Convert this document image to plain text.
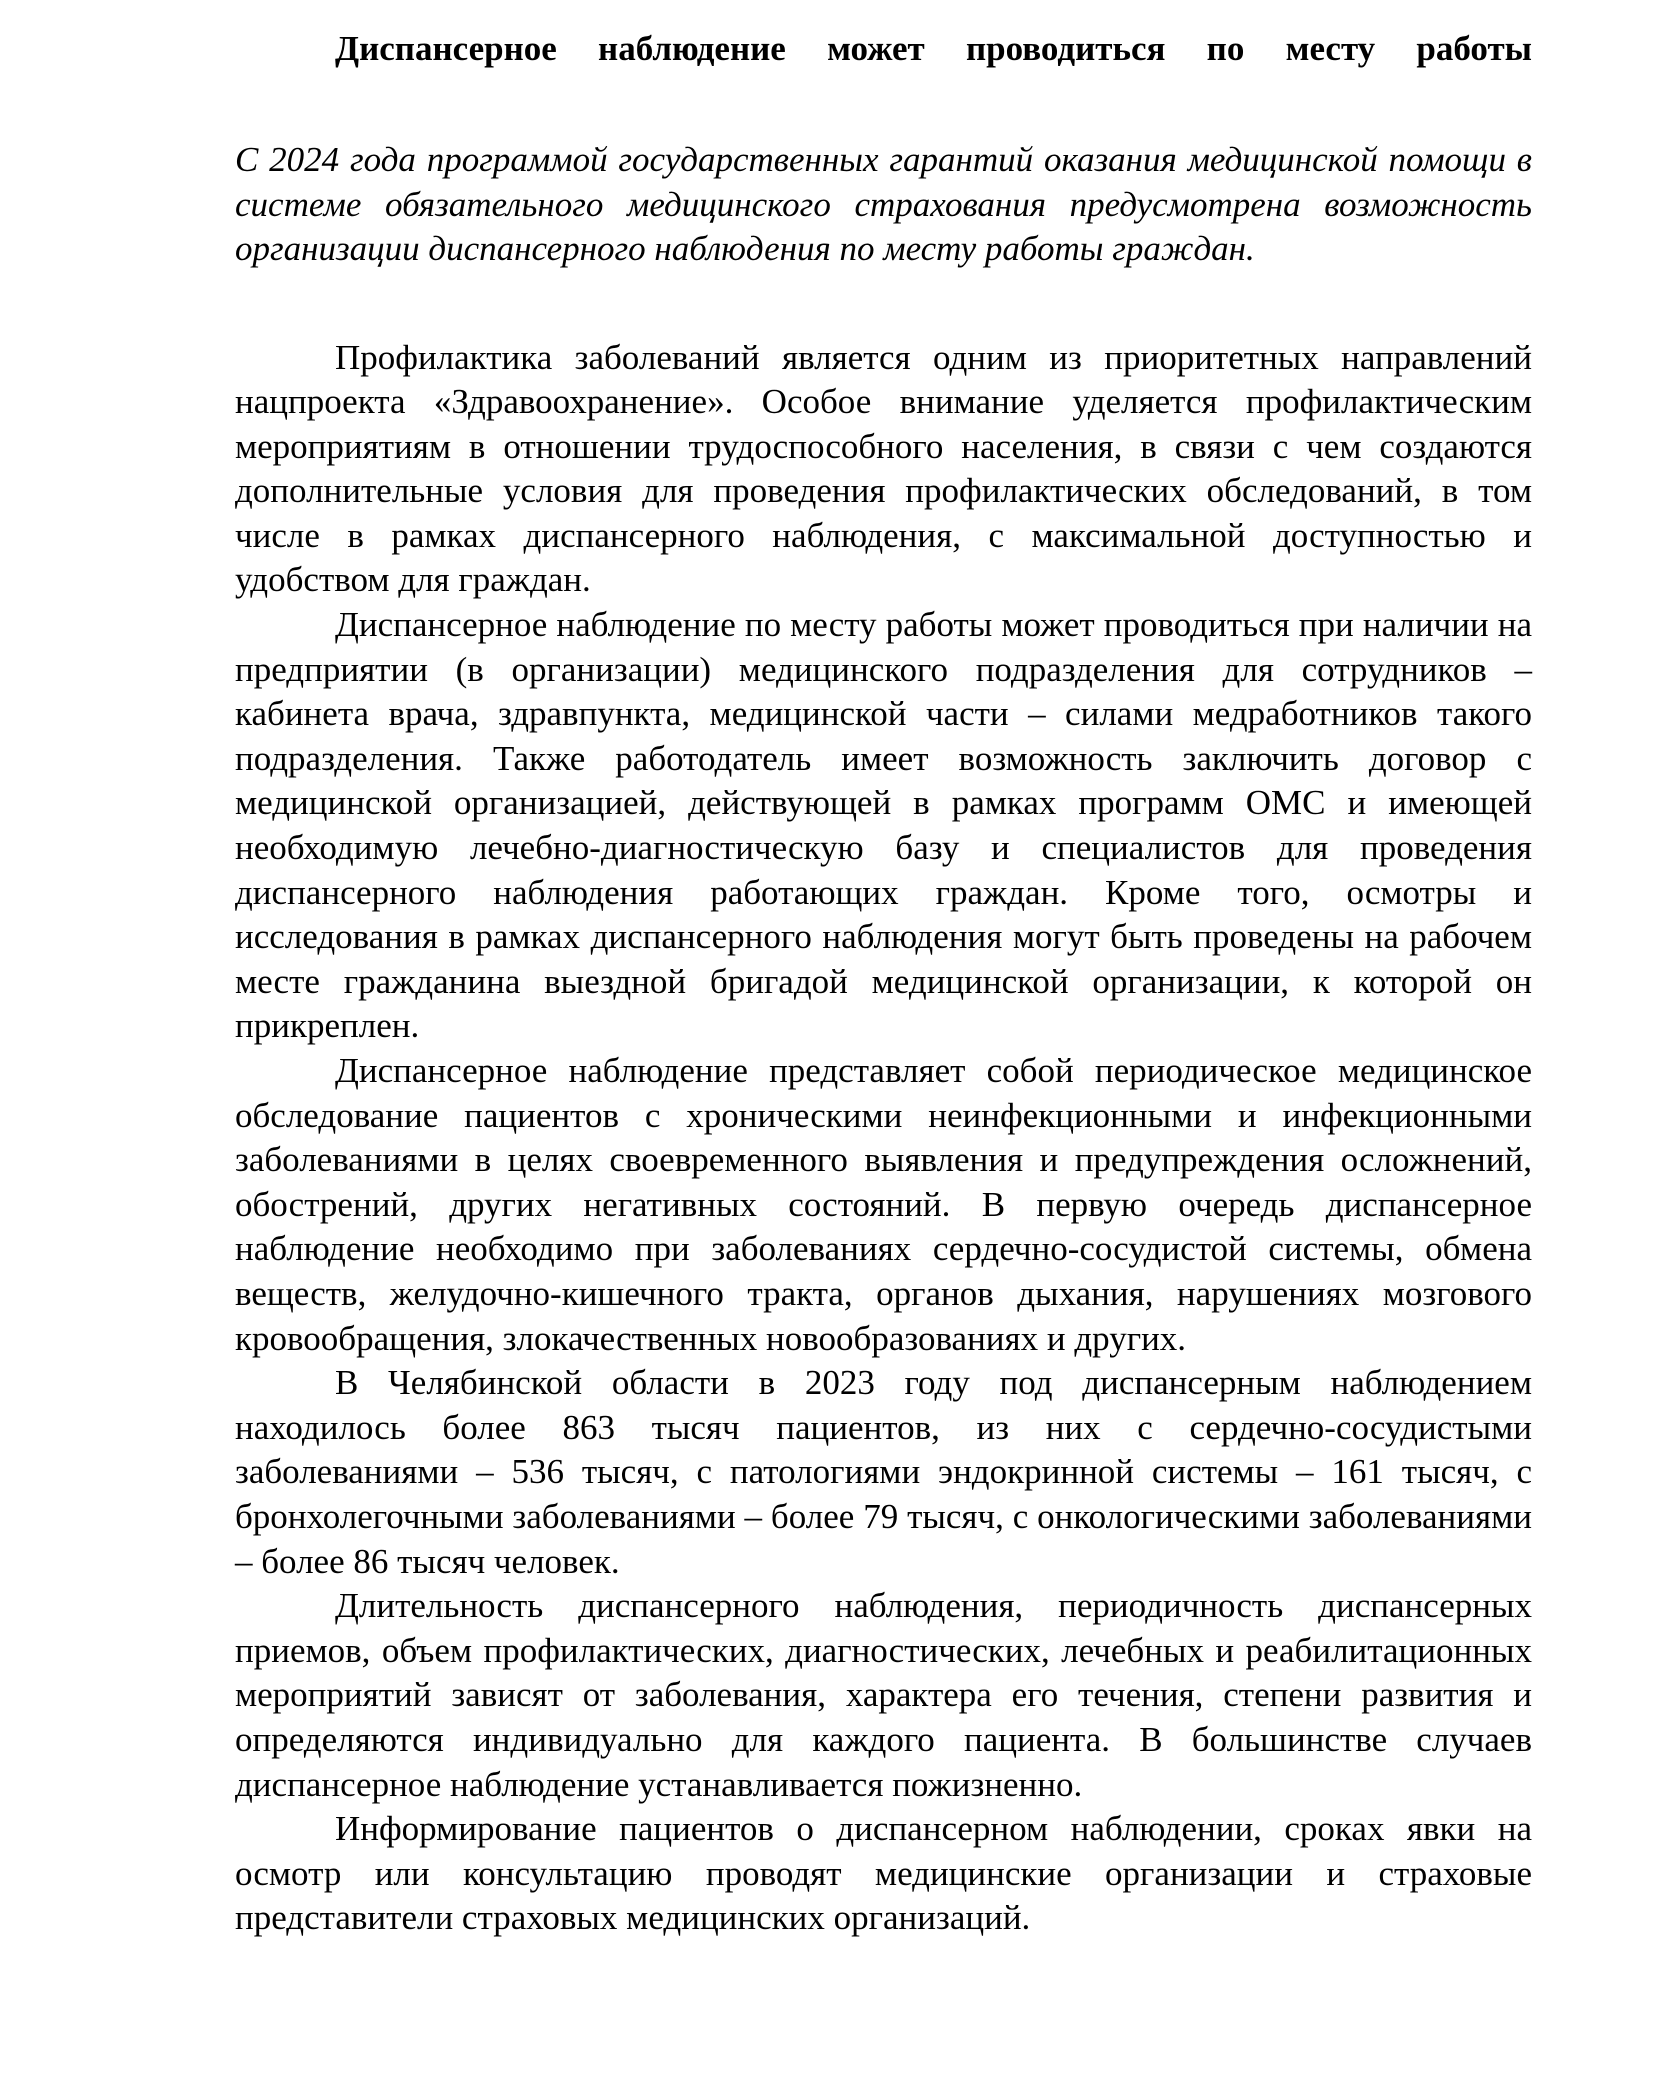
Диспансерное наблюдение может проводиться по месту работы

С 2024 года программой государственных гарантий оказания медицинской помощи в системе обязательного медицинского страхования предусмотрена возможность организации диспансерного наблюдения по месту работы граждан.

Профилактика заболеваний является одним из приоритетных направлений нацпроекта «Здравоохранение». Особое внимание уделяется профилактическим мероприятиям в отношении трудоспособного населения, в связи с чем создаются дополнительные условия для проведения профилактических обследований, в том числе в рамках диспансерного наблюдения, с максимальной доступностью и удобством для граждан.

Диспансерное наблюдение по месту работы может проводиться при наличии на предприятии (в организации) медицинского подразделения для сотрудников – кабинета врача, здравпункта, медицинской части – силами медработников такого подразделения. Также работодатель имеет возможность заключить договор с медицинской организацией, действующей в рамках программ ОМС и имеющей необходимую лечебно-диагностическую базу и специалистов для проведения диспансерного наблюдения работающих граждан. Кроме того, осмотры и исследования в рамках диспансерного наблюдения могут быть проведены на рабочем месте гражданина выездной бригадой медицинской организации, к которой он прикреплен.

Диспансерное наблюдение представляет собой периодическое медицинское обследование пациентов с хроническими неинфекционными и инфекционными заболеваниями в целях своевременного выявления и предупреждения осложнений, обострений, других негативных состояний. В первую очередь диспансерное наблюдение необходимо при заболеваниях сердечно-сосудистой системы, обмена веществ, желудочно-кишечного тракта, органов дыхания, нарушениях мозгового кровообращения, злокачественных новообразованиях и других.

В Челябинской области в 2023 году под диспансерным наблюдением находилось более 863 тысяч пациентов, из них с сердечно-сосудистыми заболеваниями – 536 тысяч, с патологиями эндокринной системы – 161 тысяч, с бронхолегочными заболеваниями – более 79 тысяч, с онкологическими заболеваниями – более 86 тысяч человек.

Длительность диспансерного наблюдения, периодичность диспансерных приемов, объем профилактических, диагностических, лечебных и реабилитационных мероприятий зависят от заболевания, характера его течения, степени развития и определяются индивидуально для каждого пациента. В большинстве случаев диспансерное наблюдение устанавливается пожизненно.

Информирование пациентов о диспансерном наблюдении, сроках явки на осмотр или консультацию проводят медицинские организации и страховые представители страховых медицинских организаций.
